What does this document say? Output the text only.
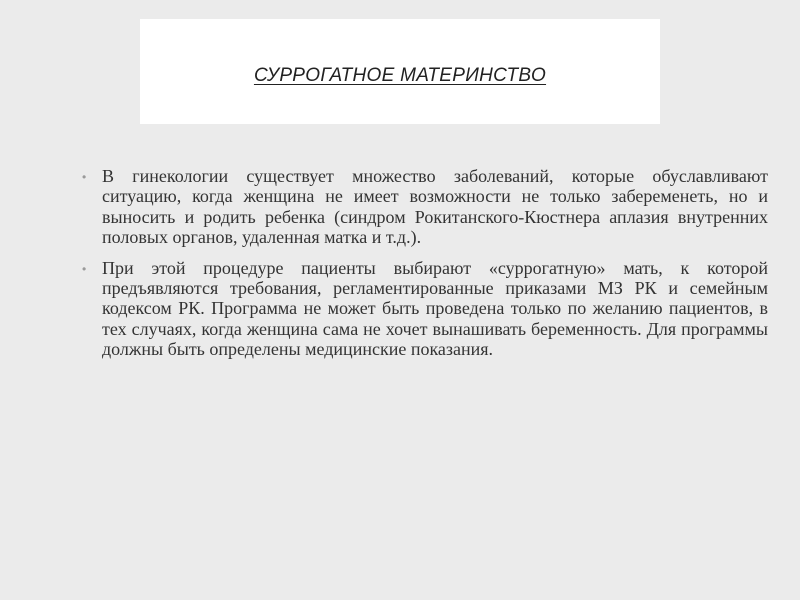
СУРРОГАТНОЕ МАТЕРИНСТВО
• В гинекологии существует множество заболеваний, которые обуславливают ситуацию, когда женщина не имеет возможности не только забеременеть, но и выносить и родить ребенка (синдром Рокитанского-Кюстнера аплазия внутренних половых органов, удаленная матка и т.д.).
• При этой процедуре пациенты выбирают «суррогатную» мать, к которой предъявляются требования, регламентированные приказами МЗ РК и семейным кодексом РК. Программа не может быть проведена только по желанию пациентов, в тех случаях, когда женщина сама не хочет вынашивать беременность. Для программы должны быть определены медицинские показания.
